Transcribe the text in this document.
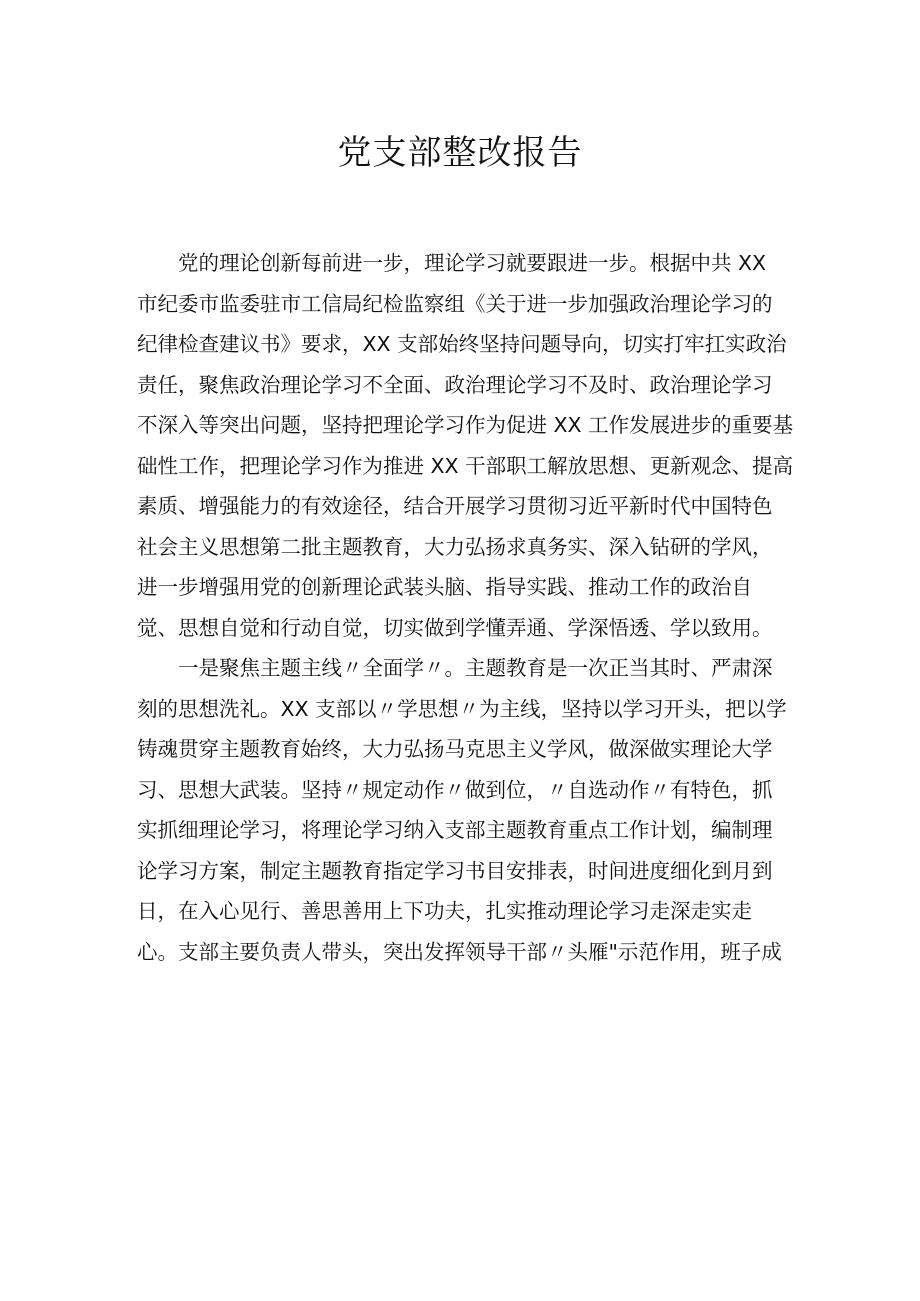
党支部整改报告
党的理论创新每前进一步，理论学习就要跟进一步。根据中共 XX
市纪委市监委驻市工信局纪检监察组《关于进一步加强政治理论学习的
纪律检查建议书》要求，XX 支部始终坚持问题导向，切实打牢扛实政治
责任，聚焦政治理论学习不全面、政治理论学习不及时、政治理论学习
不深入等突出问题，坚持把理论学习作为促进 XX 工作发展进步的重要基
础性工作，把理论学习作为推进 XX 干部职工解放思想、更新观念、提高
素质、增强能力的有效途径，结合开展学习贯彻习近平新时代中国特色
社会主义思想第二批主题教育，大力弘扬求真务实、深入钻研的学风，
进一步增强用党的创新理论武装头脑、指导实践、推动工作的政治自
觉、思想自觉和行动自觉，切实做到学懂弄通、学深悟透、学以致用。
一是聚焦主题主线〃全面学〃。主题教育是一次正当其时、严肃深
刻的思想洗礼。XX 支部以〃学思想〃为主线，坚持以学习开头，把以学
铸魂贯穿主题教育始终，大力弘扬马克思主义学风，做深做实理论大学
习、思想大武装。坚持〃规定动作〃做到位，〃自选动作〃有特色，抓
实抓细理论学习，将理论学习纳入支部主题教育重点工作计划，编制理
论学习方案，制定主题教育指定学习书目安排表，时间进度细化到月到
日，在入心见行、善思善用上下功夫，扎实推动理论学习走深走实走
心。支部主要负责人带头，突出发挥领导干部〃头雁"示范作用，班子成
